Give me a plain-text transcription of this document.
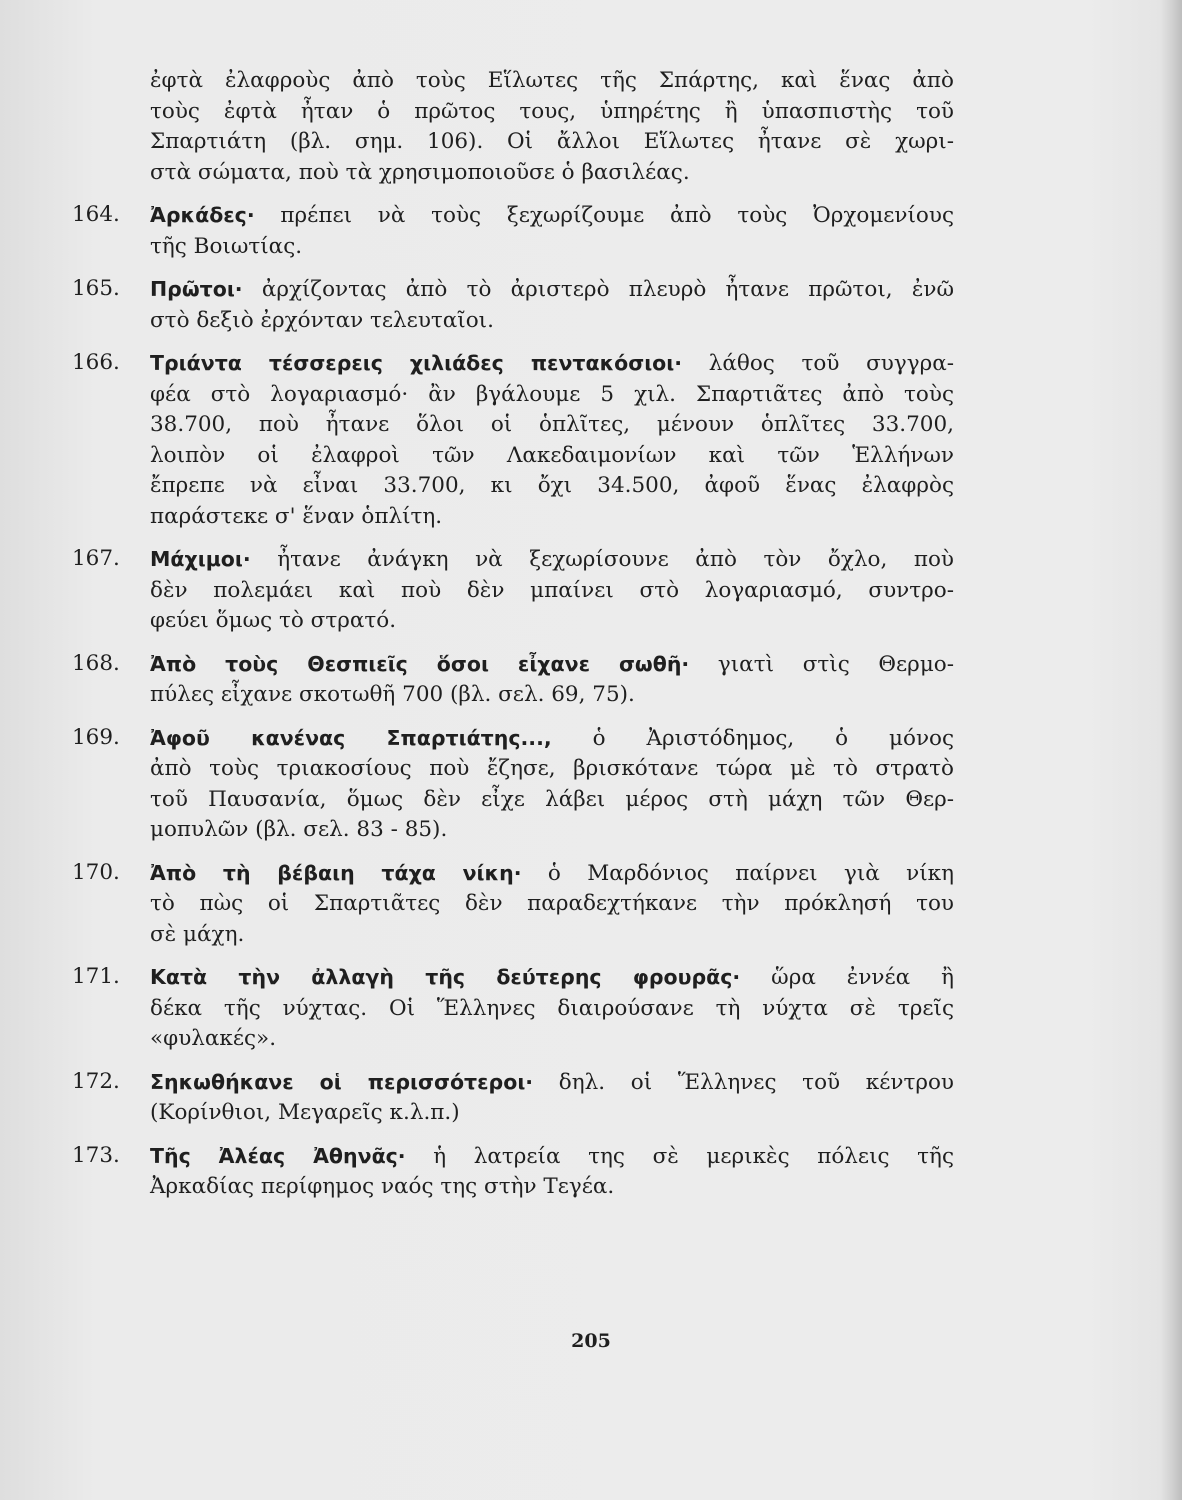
ἐφτὰ ἐλαφροὺς ἀπὸ τοὺς Εἵλωτες τῆς Σπάρτης, καὶ ἕνας ἀπὸ
τοὺς ἐφτὰ ἦταν ὁ πρῶτος τους, ὑπηρέτης ἢ ὑπασπιστὴς τοῦ
Σπαρτιάτη (βλ. σημ. 106). Οἱ ἄλλοι Εἵλωτες ἦτανε σὲ χωρι-
στὰ σώματα, ποὺ τὰ χρησιμοποιοῦσε ὁ βασιλέας.
164. Ἀρκάδες· πρέπει νὰ τοὺς ξεχωρίζουμε ἀπὸ τοὺς Ὀρχομενίους
τῆς Βοιωτίας.
165. Πρῶτοι· ἀρχίζοντας ἀπὸ τὸ ἀριστερὸ πλευρὸ ἦτανε πρῶτοι, ἐνῶ
στὸ δεξιὸ ἐρχόνταν τελευταῖοι.
166. Τριάντα τέσσερεις χιλιάδες πεντακόσιοι· λάθος τοῦ συγγρα-
φέα στὸ λογαριασμό· ἂν βγάλουμε 5 χιλ. Σπαρτιᾶτες ἀπὸ τοὺς
38.700, ποὺ ἦτανε ὅλοι οἱ ὁπλῖτες, μένουν ὁπλῖτες 33.700,
λοιπὸν οἱ ἐλαφροὶ τῶν Λακεδαιμονίων καὶ τῶν Ἑλλήνων
ἔπρεπε νὰ εἶναι 33.700, κι ὄχι 34.500, ἀφοῦ ἕνας ἐλαφρὸς
παράστεκε σ' ἕναν ὁπλίτη.
167. Μάχιμοι· ἦτανε ἀνάγκη νὰ ξεχωρίσουνε ἀπὸ τὸν ὄχλο, ποὺ
δὲν πολεμάει καὶ ποὺ δὲν μπαίνει στὸ λογαριασμό, συντρο-
φεύει ὅμως τὸ στρατό.
168. Ἀπὸ τοὺς Θεσπιεῖς ὅσοι εἶχανε σωθῆ· γιατὶ στὶς Θερμο-
πύλες εἶχανε σκοτωθῆ 700 (βλ. σελ. 69, 75).
169. Ἀφοῦ κανένας Σπαρτιάτης..., ὁ Ἀριστόδημος, ὁ μόνος
ἀπὸ τοὺς τριακοσίους ποὺ ἔζησε, βρισκότανε τώρα μὲ τὸ στρατὸ
τοῦ Παυσανία, ὅμως δὲν εἶχε λάβει μέρος στὴ μάχη τῶν Θερ-
μοπυλῶν (βλ. σελ. 83 - 85).
170. Ἀπὸ τὴ βέβαιη τάχα νίκη· ὁ Μαρδόνιος παίρνει γιὰ νίκη
τὸ πὼς οἱ Σπαρτιᾶτες δὲν παραδεχτήκανε τὴν πρόκλησή του
σὲ μάχη.
171. Κατὰ τὴν ἀλλαγὴ τῆς δεύτερης φρουρᾶς· ὥρα ἐννέα ἢ
δέκα τῆς νύχτας. Οἱ Ἕλληνες διαιρούσανε τὴ νύχτα σὲ τρεῖς
«φυλακές».
172. Σηκωθήκανε οἱ περισσότεροι· δηλ. οἱ Ἕλληνες τοῦ κέντρου
(Κορίνθιοι, Μεγαρεῖς κ.λ.π.)
173. Τῆς Ἀλέας Ἀθηνᾶς· ἡ λατρεία της σὲ μερικὲς πόλεις τῆς
Ἀρκαδίας περίφημος ναός της στὴν Τεγέα.
205
